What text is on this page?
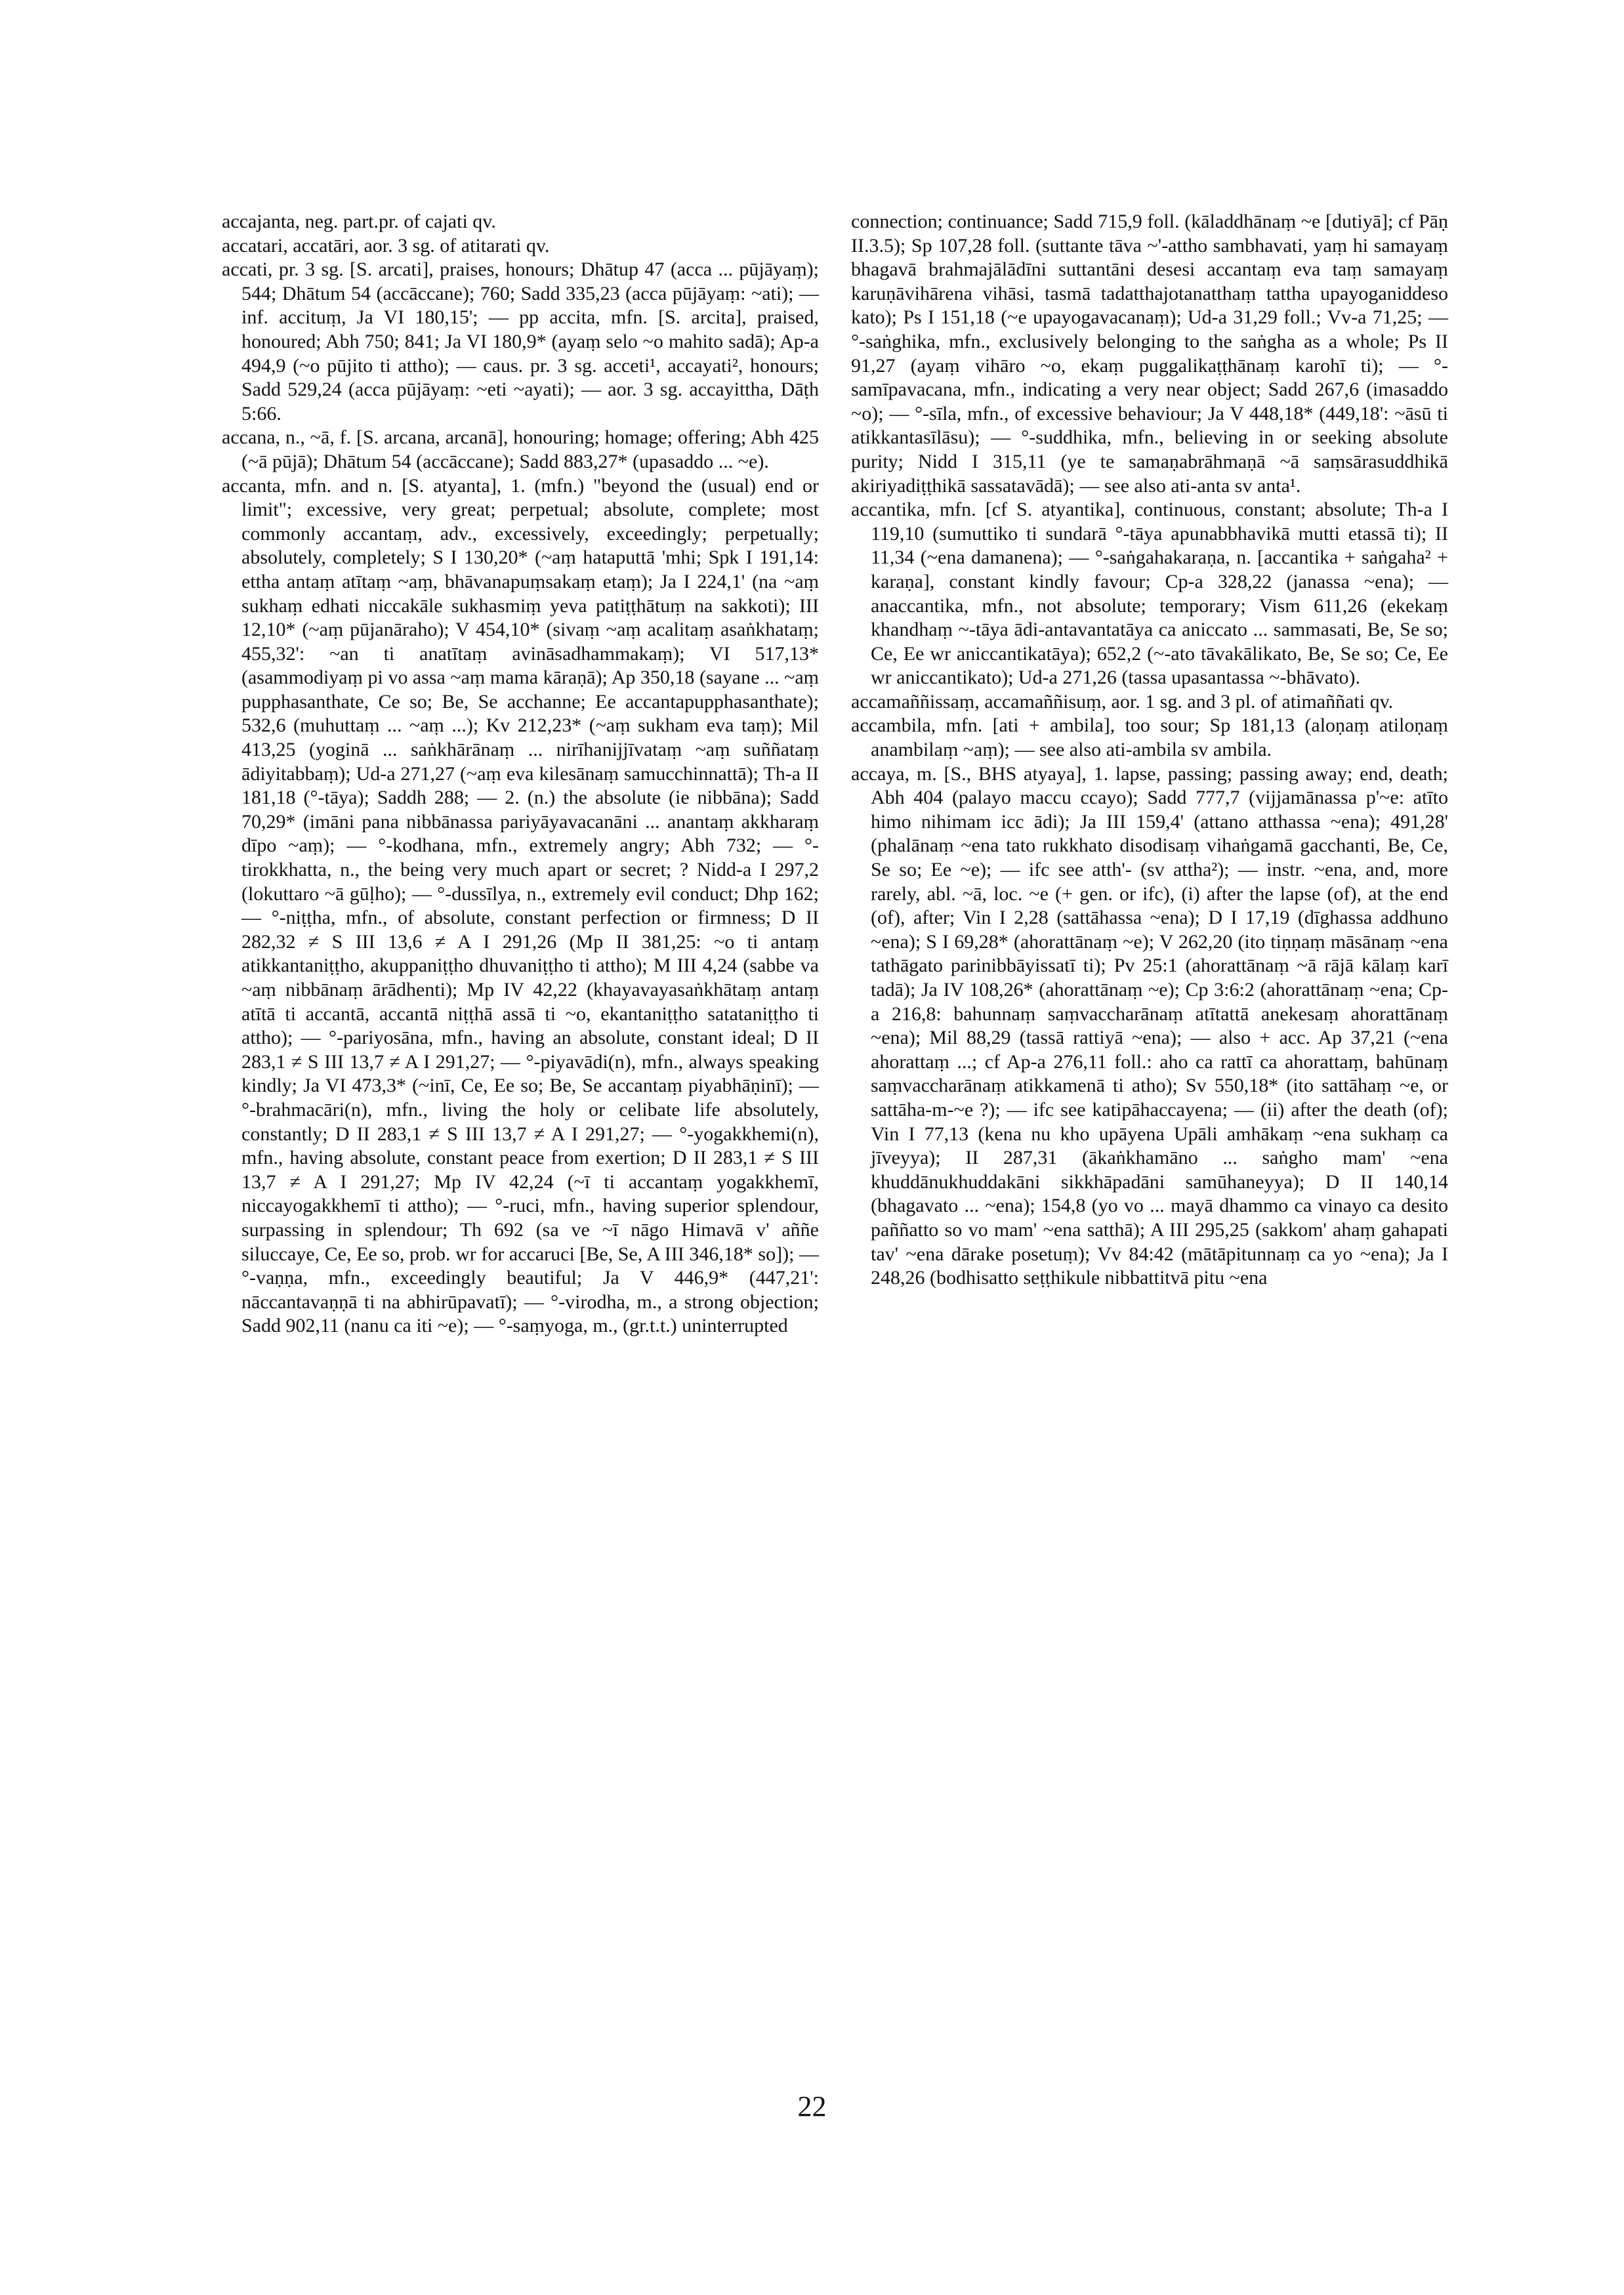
accajanta, neg. part.pr. of cajati qv.

accatari, accatāri, aor. 3 sg. of atitarati qv.

accati, pr. 3 sg. [S. arcati], praises, honours; Dhātup 47 (acca ... pūjāyaṃ); 544; Dhātum 54 (accāccane); 760; Sadd 335,23 (acca pūjāyaṃ: ~ati); — inf. accituṃ, Ja VI 180,15'; — pp accita, mfn. [S. arcita], praised, honoured; Abh 750; 841; Ja VI 180,9* (ayaṃ selo ~o mahito sadā); Ap-a 494,9 (~o pūjito ti attho); — caus. pr. 3 sg. acceti¹, accayati², honours; Sadd 529,24 (acca pūjāyaṃ: ~eti ~ayati); — aor. 3 sg. accayittha, Dāṭh 5:66.

accana, n., ~ā, f. [S. arcana, arcanā], honouring; homage; offering; Abh 425 (~ā pūjā); Dhātum 54 (accāccane); Sadd 883,27* (upasaddo ... ~e).

accanta, mfn. and n. [S. atyanta], 1. (mfn.) "beyond the (usual) end or limit"; excessive, very great; perpetual; absolute, complete; most commonly accantaṃ, adv., excessively, exceedingly; perpetually; absolutely, completely; S I 130,20* (~aṃ hataputtā 'mhi; Spk I 191,14: ettha antaṃ atītaṃ ~aṃ, bhāvanapuṃsakaṃ etaṃ); Ja I 224,1' (na ~aṃ sukhaṃ edhati niccakāle sukhasmiṃ yeva patiṭṭhātuṃ na sakkoti); III 12,10* (~aṃ pūjanāraho); V 454,10* (sivaṃ ~aṃ acalitaṃ asaṅkhataṃ; 455,32': ~an ti anatītaṃ avināsadhammakaṃ); VI 517,13* (asammodiyaṃ pi vo assa ~aṃ mama kāraṇā); Ap 350,18 (sayane ... ~aṃ pupphasanthate, Ce so; Be, Se acchanne; Ee accantapupphasanthate); 532,6 (muhuttaṃ ... ~aṃ ...); Kv 212,23* (~aṃ sukham eva taṃ); Mil 413,25 (yoginā ... saṅkhārānaṃ ... nirīhanijjīvataṃ ~aṃ suññataṃ ādiyitabbaṃ); Ud-a 271,27 (~aṃ eva kilesānaṃ samucchinnattā); Th-a II 181,18 (°-tāya); Saddh 288; — 2. (n.) the absolute (ie nibbāna); Sadd 70,29* (imāni pana nibbānassa pariyāyavacanāni ... anantaṃ akkharaṃ dīpo ~aṃ); — °-kodhana, mfn., extremely angry; Abh 732; — °-tirokkhatta, n., the being very much apart or secret; ? Nidd-a I 297,2 (lokuttaro ~ā gūḷho); — °-dussīlya, n., extremely evil conduct; Dhp 162; — °-niṭṭha, mfn., of absolute, constant perfection or firmness; D II 282,32 ≠ S III 13,6 ≠ A I 291,26 (Mp II 381,25: ~o ti antaṃ atikkantaniṭṭho, akuppaniṭṭho dhuvaniṭṭho ti attho); M III 4,24 (sabbe va ~aṃ nibbānaṃ ārādhenti); Mp IV 42,22 (khayavayasaṅkhātaṃ antaṃ atītā ti accantā, accantā niṭṭhā assā ti ~o, ekantaniṭṭho satataniṭṭho ti attho); — °-pariyosāna, mfn., having an absolute, constant ideal; D II 283,1 ≠ S III 13,7 ≠ A I 291,27; — °-piyavādi(n), mfn., always speaking kindly; Ja VI 473,3* (~inī, Ce, Ee so; Be, Se accantaṃ piyabhāṇinī); — °-brahmacāri(n), mfn., living the holy or celibate life absolutely, constantly; D II 283,1 ≠ S III 13,7 ≠ A I 291,27; — °-yogakkhemi(n), mfn., having absolute, constant peace from exertion; D II 283,1 ≠ S III 13,7 ≠ A I 291,27; Mp IV 42,24 (~ī ti accantaṃ yogakkhemī, niccayogakkhemī ti attho); — °-ruci, mfn., having superior splendour, surpassing in splendour; Th 692 (sa ve ~ī nāgo Himavā v' aññe siluccaye, Ce, Ee so, prob. wr for accaruci [Be, Se, A III 346,18* so]); — °-vaṇṇa, mfn., exceedingly beautiful; Ja V 446,9* (447,21': nāccantavaṇṇā ti na abhirūpavatī); — °-virodha, m., a strong objection; Sadd 902,11 (nanu ca iti ~e); — °-saṃyoga, m., (gr.t.t.) uninterrupted

connection; continuance; Sadd 715,9 foll. (kāladdhānaṃ ~e [dutiyā]; cf Pāṇ II.3.5); Sp 107,28 foll. (suttante tāva ~'-attho sambhavati, yaṃ hi samayaṃ bhagavā brahmajālādīni suttantāni desesi accantaṃ eva taṃ samayaṃ karuṇāvihārena vihāsi, tasmā tadatthajotanatthaṃ tattha upayoganiddeso kato); Ps I 151,18 (~e upayogavacanaṃ); Ud-a 31,29 foll.; Vv-a 71,25; — °-saṅghika, mfn., exclusively belonging to the saṅgha as a whole; Ps II 91,27 (ayaṃ vihāro ~o, ekaṃ puggalikaṭṭhānaṃ karohī ti); — °-samīpavacana, mfn., indicating a very near object; Sadd 267,6 (imasaddo ~o); — °-sīla, mfn., of excessive behaviour; Ja V 448,18* (449,18': ~āsū ti atikkantasīlāsu); — °-suddhika, mfn., believing in or seeking absolute purity; Nidd I 315,11 (ye te samaṇabrāhmaṇā ~ā saṃsārasuddhikā akiriyadiṭṭhikā sassatavādā); — see also ati-anta sv anta¹.

accantika, mfn. [cf S. atyantika], continuous, constant; absolute; Th-a I 119,10 (sumuttiko ti sundarā °-tāya apunabbhavikā mutti etassā ti); II 11,34 (~ena damanena); — °-saṅgahakaraṇa, n. [accantika + saṅgaha² + karaṇa], constant kindly favour; Cp-a 328,22 (janassa ~ena); — anaccantika, mfn., not absolute; temporary; Vism 611,26 (ekekaṃ khandhaṃ ~-tāya ādi-antavantatāya ca aniccato ... sammasati, Be, Se so; Ce, Ee wr aniccantikatāya); 652,2 (~-ato tāvakālikato, Be, Se so; Ce, Ee wr aniccantikato); Ud-a 271,26 (tassa upasantassa ~-bhāvato).

accamaññissaṃ, accamaññisuṃ, aor. 1 sg. and 3 pl. of atimaññati qv.

accambila, mfn. [ati + ambila], too sour; Sp 181,13 (aloṇaṃ atiloṇaṃ anambilaṃ ~aṃ); — see also ati-ambila sv ambila.

accaya, m. [S., BHS atyaya], 1. lapse, passing; passing away; end, death; Abh 404 (palayo maccu ccayo); Sadd 777,7 (vijjamānassa p'~e: atīto himo nihimam icc ādi); Ja III 159,4' (attano atthassa ~ena); 491,28' (phalānaṃ ~ena tato rukkhato disodisaṃ vihaṅgamā gacchanti, Be, Ce, Se so; Ee ~e); — ifc see atth'- (sv attha²); — instr. ~ena, and, more rarely, abl. ~ā, loc. ~e (+ gen. or ifc), (i) after the lapse (of), at the end (of), after; Vin I 2,28 (sattāhassa ~ena); D I 17,19 (dīghassa addhuno ~ena); S I 69,28* (ahorattānaṃ ~e); V 262,20 (ito tiṇṇaṃ māsānaṃ ~ena tathāgato parinibbāyissatī ti); Pv 25:1 (ahorattānaṃ ~ā rājā kālaṃ karī tadā); Ja IV 108,26* (ahorattānaṃ ~e); Cp 3:6:2 (ahorattānaṃ ~ena; Cp-a 216,8: bahunnaṃ saṃvaccharānaṃ atītattā anekesaṃ ahorattānaṃ ~ena); Mil 88,29 (tassā rattiyā ~ena); — also + acc. Ap 37,21 (~ena ahorattaṃ ...; cf Ap-a 276,11 foll.: aho ca rattī ca ahorattaṃ, bahūnaṃ saṃvaccharānaṃ atikkamenā ti atho); Sv 550,18* (ito sattāhaṃ ~e, or sattāha-m-~e ?); — ifc see katipāhaccayena; — (ii) after the death (of); Vin I 77,13 (kena nu kho upāyena Upāli amhākaṃ ~ena sukhaṃ ca jīveyya); II 287,31 (ākaṅkhamāno ... saṅgho mam' ~ena khuddānukhuddakāni sikkhāpadāni samūhaneyya); D II 140,14 (bhagavato ... ~ena); 154,8 (yo vo ... mayā dhammo ca vinayo ca desito paññatto so vo mam' ~ena satthā); A III 295,25 (sakkom' ahaṃ gahapati tav' ~ena dārake posetuṃ); Vv 84:42 (mātāpitunnaṃ ca yo ~ena); Ja I 248,26 (bodhisatto seṭṭhikule nibbattitvā pitu ~ena

22
